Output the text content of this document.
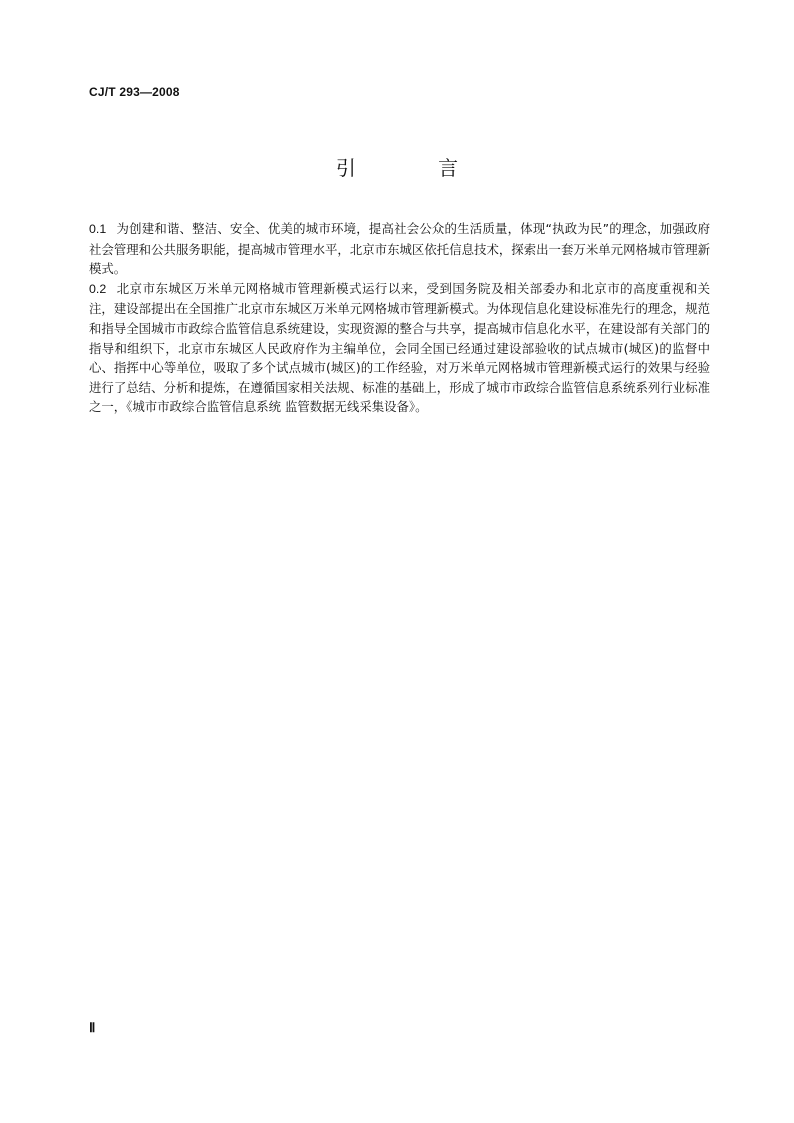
CJ/T 293—2008
引 言

0.1 为创建和谐、整洁、安全、优美的城市环境，提高社会公众的生活质量，体现“执政为民”的理念，加强政府社会管理和公共服务职能，提高城市管理水平，北京市东城区依托信息技术，探索出一套万米单元网格城市管理新模式。

0.2 北京市东城区万米单元网格城市管理新模式运行以来，受到国务院及相关部委办和北京市的高度重视和关注，建设部提出在全国推广北京市东城区万米单元网格城市管理新模式。为体现信息化建设标准先行的理念，规范和指导全国城市市政综合监管信息系统建设，实现资源的整合与共享，提高城市信息化水平，在建设部有关部门的指导和组织下，北京市东城区人民政府作为主编单位，会同全国已经通过建设部验收的试点城市(城区)的监督中心、指挥中心等单位，吸取了多个试点城市(城区)的工作经验，对万米单元网格城市管理新模式运行的效果与经验进行了总结、分析和提炼，在遵循国家相关法规、标准的基础上，形成了城市市政综合监管信息系统系列行业标准之一，《城市市政综合监管信息系统 监管数据无线采集设备》。

Ⅱ
